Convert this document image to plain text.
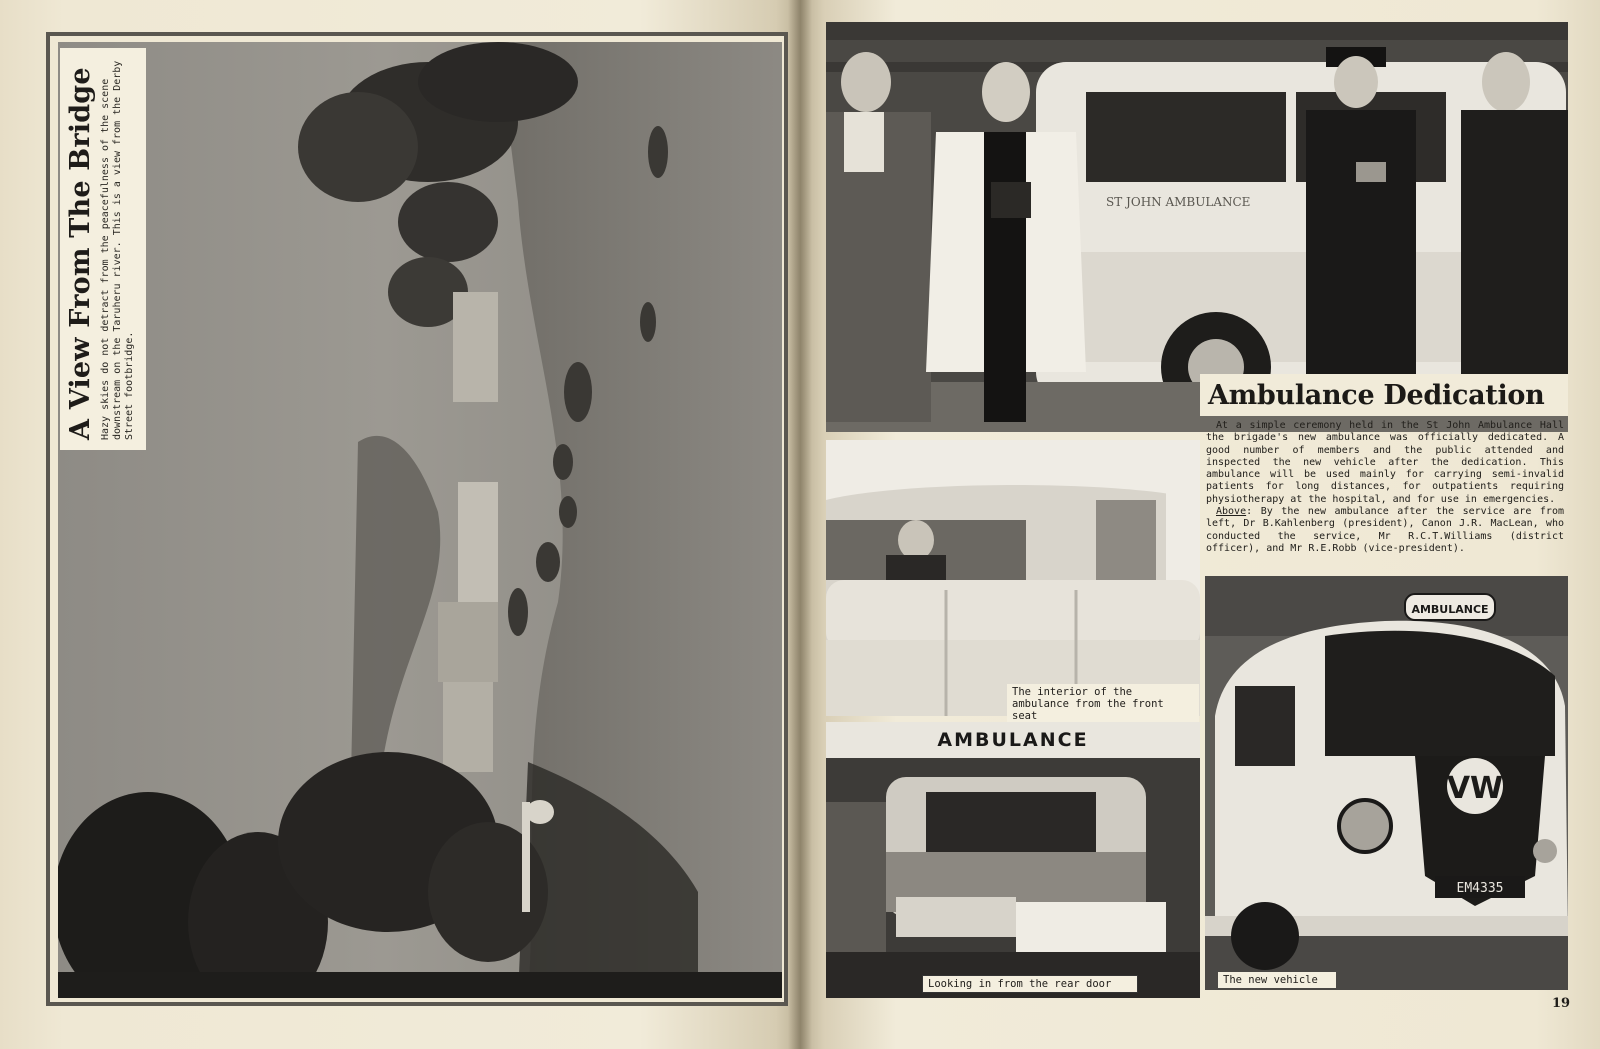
A View From The Bridge Hazy skies do not detract from the peacefulness of the scene downstream on the Taruheru river. This is a view from the Derby Street footbridge.
ST JOHN AMBULANCE
Ambulance Dedication

At a simple ceremony held in the St John Ambulance Hall the brigade's new ambulance was officially dedicated. A good number of members and the public attended and inspected the new vehicle after the dedication. This ambulance will be used mainly for carrying semi-invalid patients for long distances, for outpatients requiring physiotherapy at the hospital, and for use in emergencies.

Above: By the new ambulance after the service are from left, Dr B.Kahlenberg (president), Canon J.R. MacLean, who conducted the service, Mr R.C.T.Williams (district officer), and Mr R.E.Robb (vice-president).

The interior of the ambulance from the front seat
AMBULANCE
Looking in from the rear door
AMBULANCE
VW
EM4335
The new vehicle
19
